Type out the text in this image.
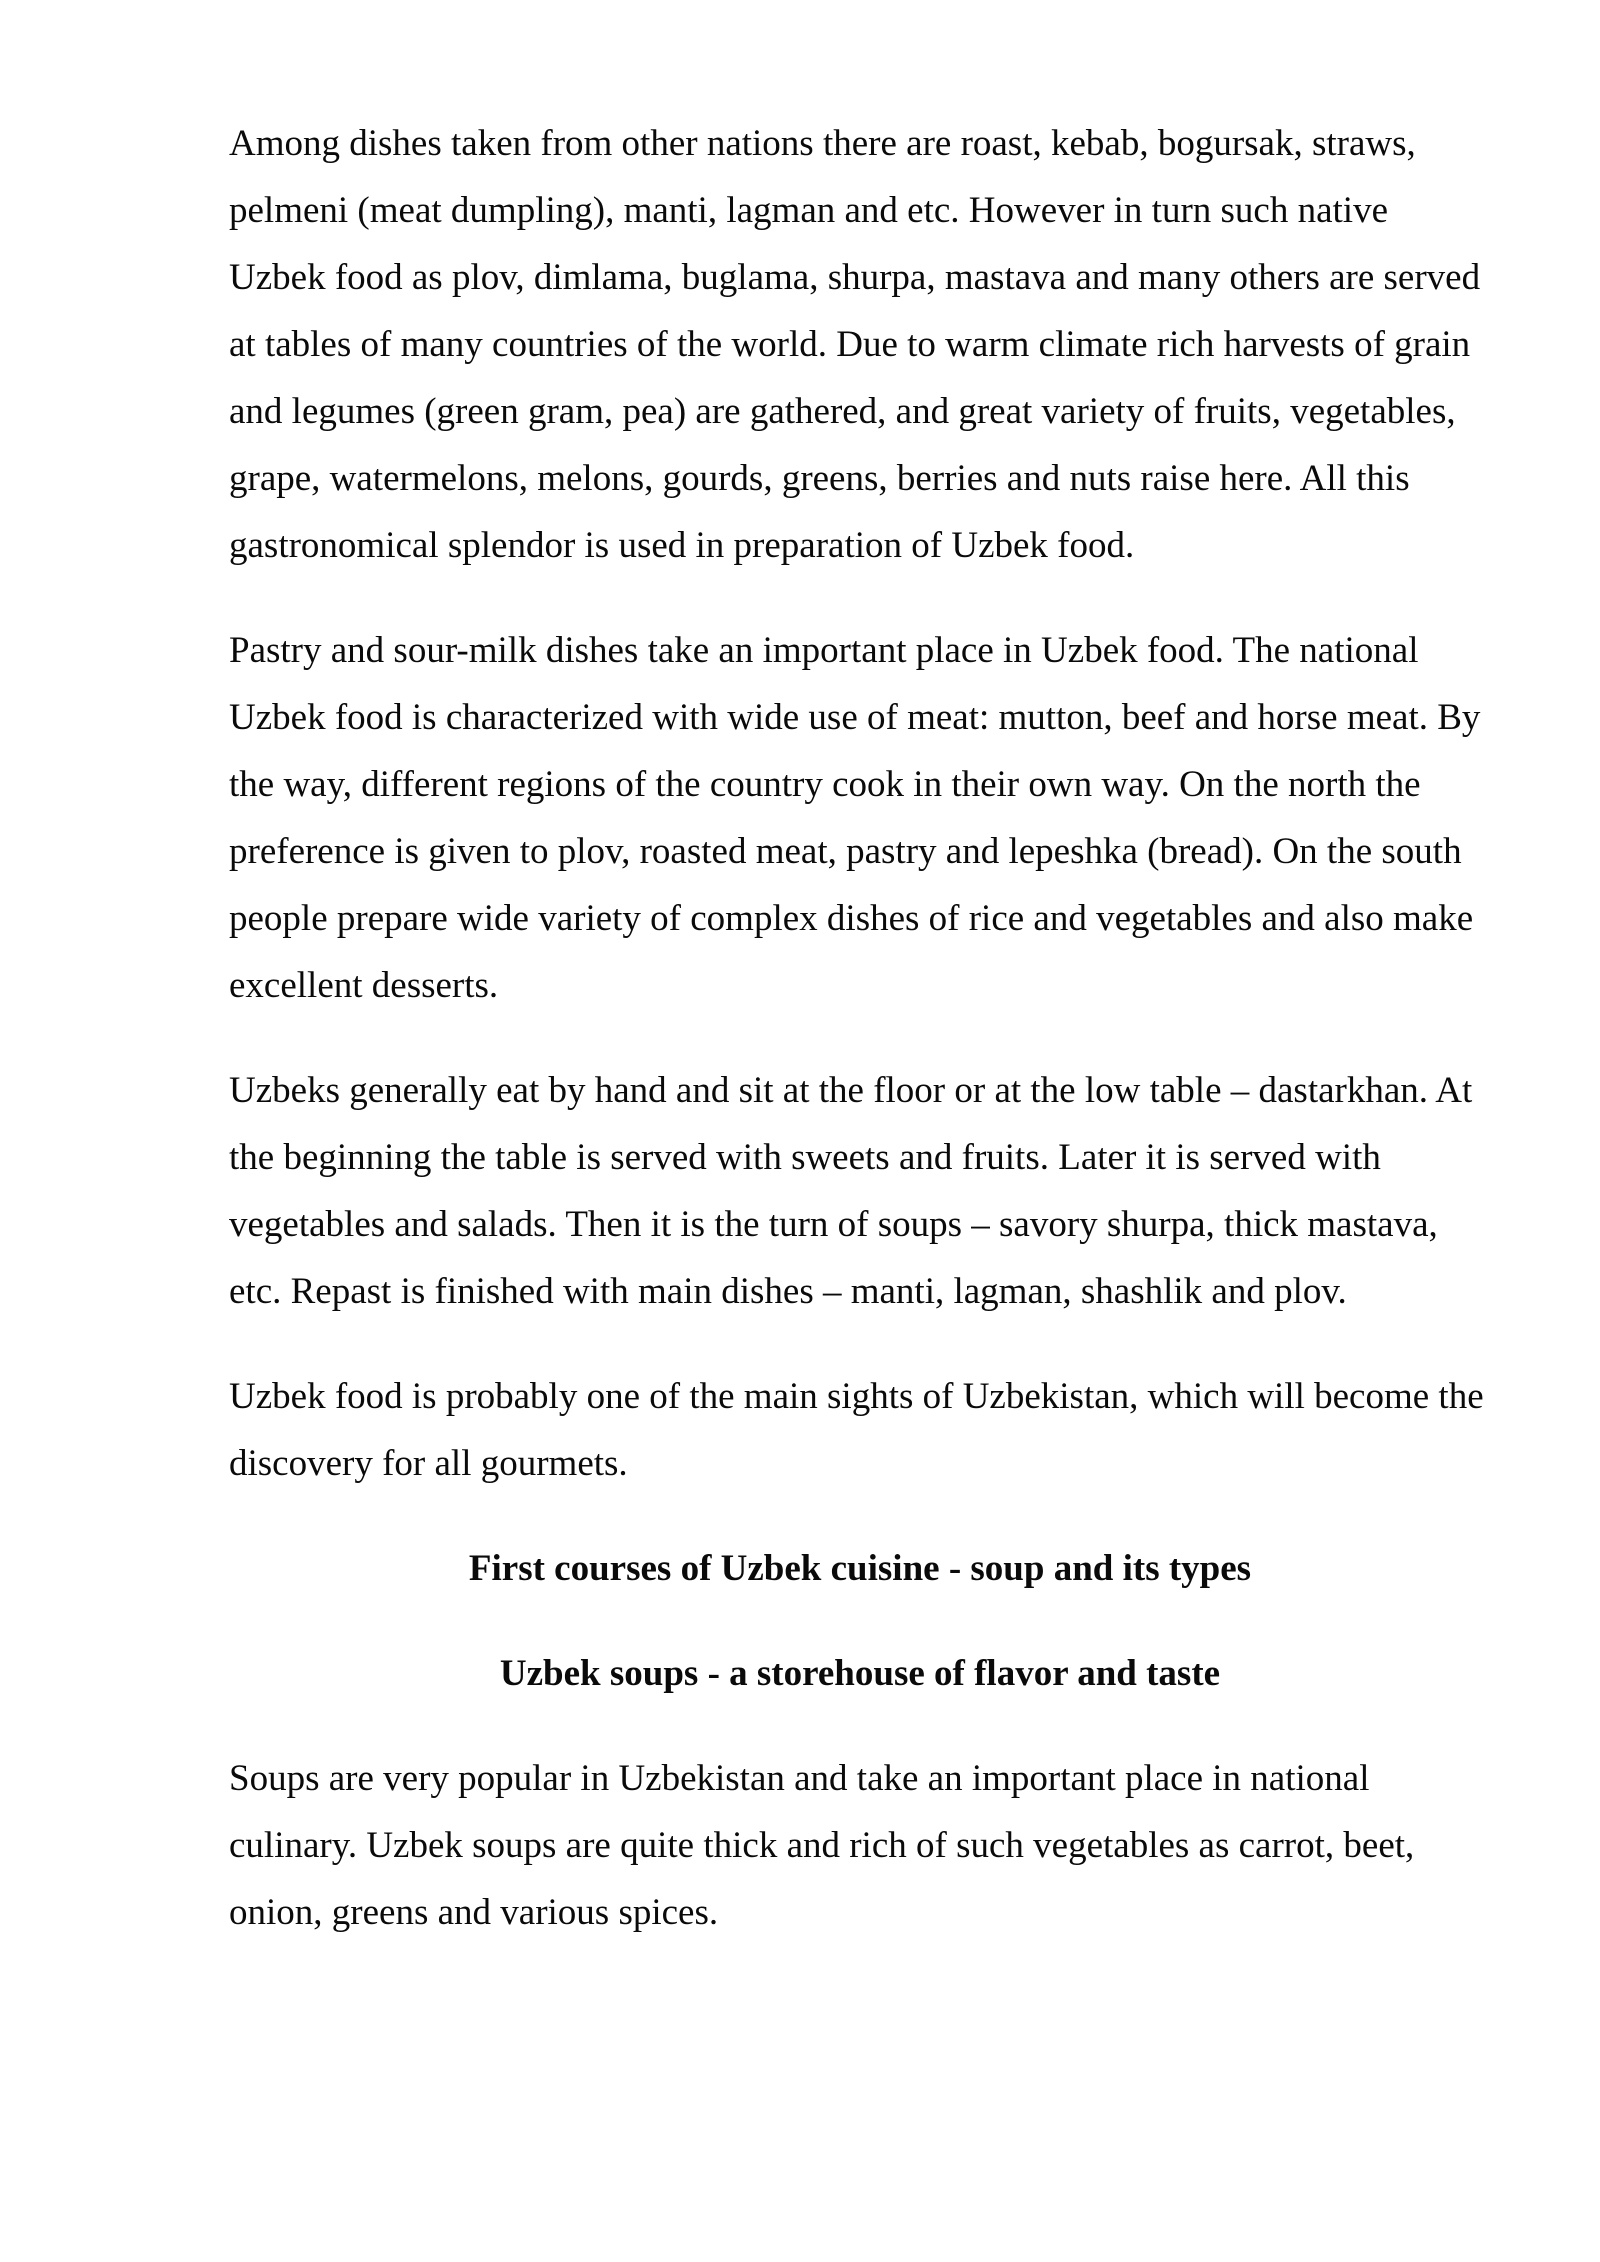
Among dishes taken from other nations there are roast, kebab, bogursak, straws, pelmeni (meat dumpling), manti, lagman and etc. However in turn such native Uzbek food as plov, dimlama, buglama, shurpa, mastava and many others are served at tables of many countries of the world. Due to warm climate rich harvests of grain and legumes (green gram, pea) are gathered, and great variety of fruits, vegetables, grape, watermelons, melons, gourds, greens, berries and nuts raise here. All this gastronomical splendor is used in preparation of Uzbek food.

Pastry and sour-milk dishes take an important place in Uzbek food. The national Uzbek food is characterized with wide use of meat: mutton, beef and horse meat. By the way, different regions of the country cook in their own way. On the north the preference is given to plov, roasted meat, pastry and lepeshka (bread). On the south people prepare wide variety of complex dishes of rice and vegetables and also make excellent desserts.

Uzbeks generally eat by hand and sit at the floor or at the low table – dastarkhan. At the beginning the table is served with sweets and fruits. Later it is served with vegetables and salads. Then it is the turn of soups – savory shurpa, thick mastava, etc. Repast is finished with main dishes – manti, lagman, shashlik and plov.

Uzbek food is probably one of the main sights of Uzbekistan, which will become the discovery for all gourmets.

First courses of Uzbek cuisine - soup and its types
Uzbek soups - a storehouse of flavor and taste

Soups are very popular in Uzbekistan and take an important place in national culinary. Uzbek soups are quite thick and rich of such vegetables as carrot, beet, onion, greens and various spices.
